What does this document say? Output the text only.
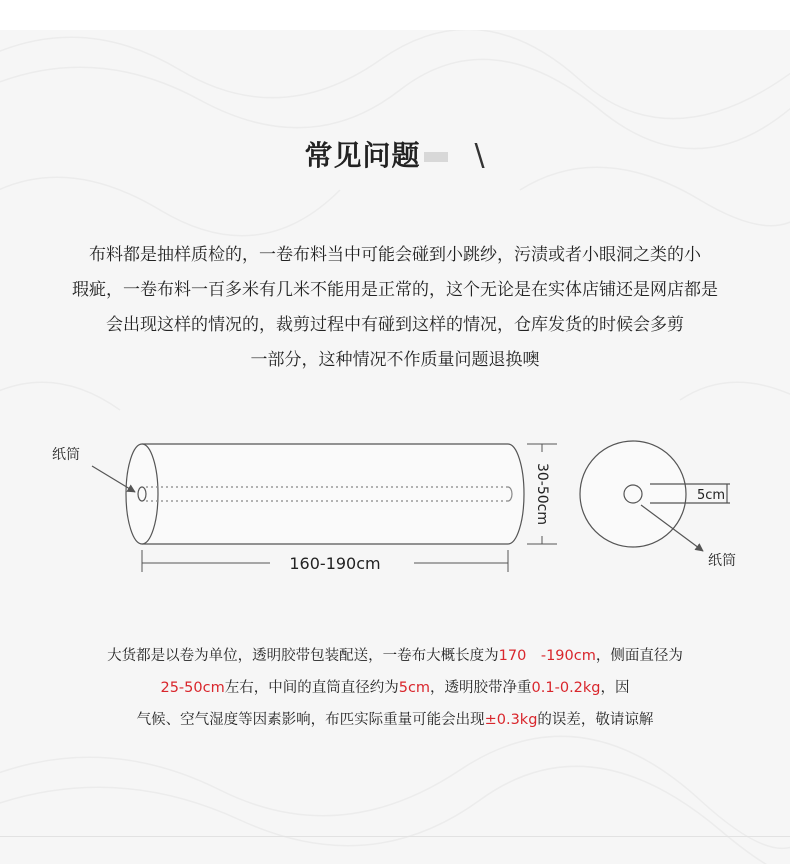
常见问题 \
布料都是抽样质检的，一卷布料当中可能会碰到小跳纱，污渍或者小眼洞之类的小
瑕疵，一卷布料一百多米有几米不能用是正常的，这个无论是在实体店铺还是网店都是
会出现这样的情况的，裁剪过程中有碰到这样的情况，仓库发货的时候会多剪
一部分，这种情况不作质量问题退换噢
纸筒
30-50cm
160-190cm
5cm
纸筒
大货都是以卷为单位，透明胶带包装配送，一卷布大概长度为170　-190cm，侧面直径为
25-50cm左右，中间的直筒直径约为5cm，透明胶带净重0.1-0.2kg，因
气候、空气湿度等因素影响，布匹实际重量可能会出现±0.3kg的误差，敬请谅解
